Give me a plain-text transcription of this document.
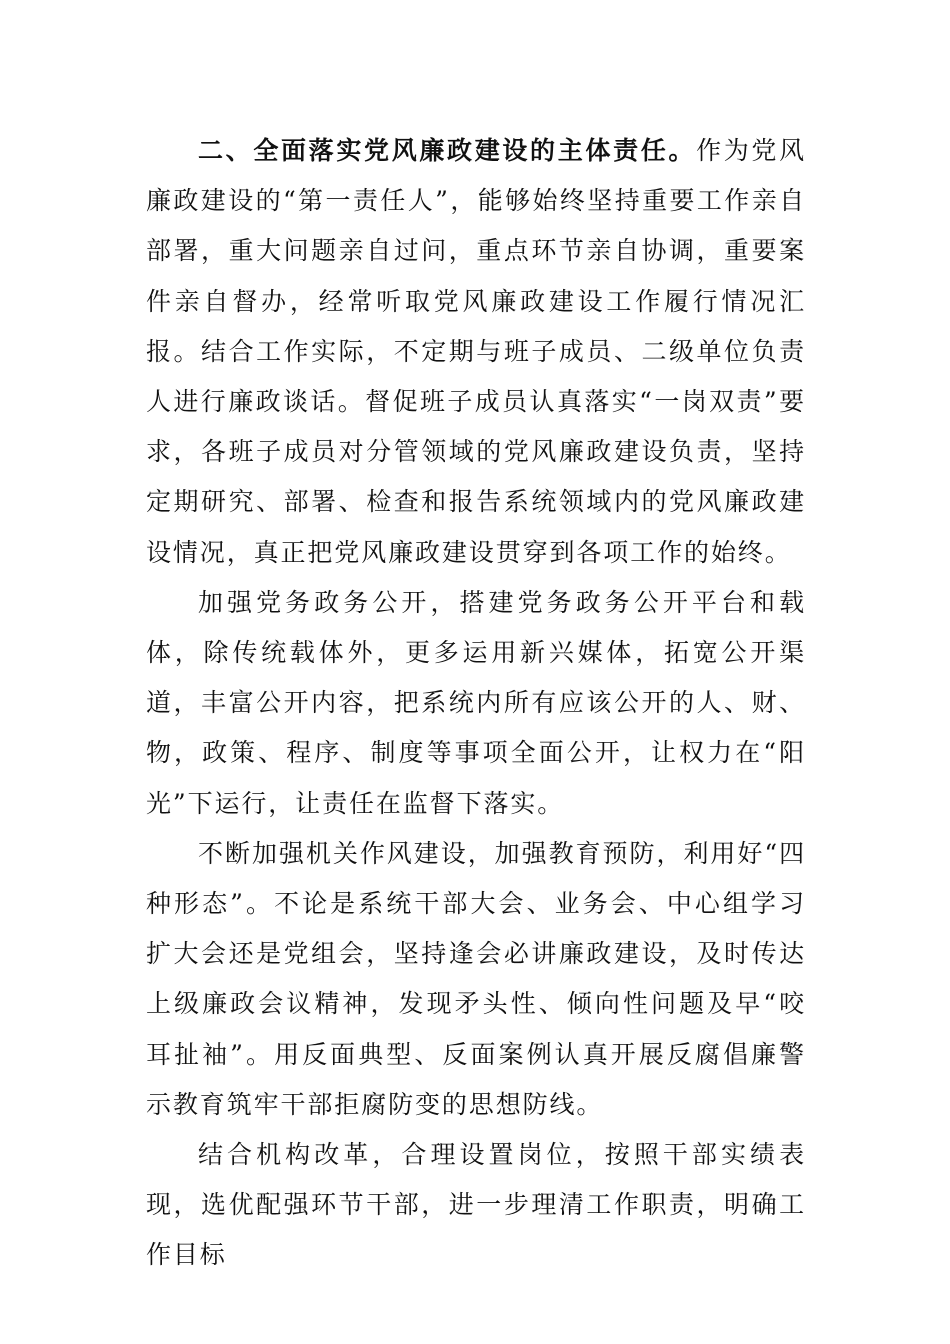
二、全面落实党风廉政建设的主体责任。作为党风廉政建设的“第一责任人”，能够始终坚持重要工作亲自部署，重大问题亲自过问，重点环节亲自协调，重要案件亲自督办，经常听取党风廉政建设工作履行情况汇报。结合工作实际，不定期与班子成员、二级单位负责人进行廉政谈话。督促班子成员认真落实“一岗双责”要求，各班子成员对分管领域的党风廉政建设负责，坚持定期研究、部署、检查和报告系统领域内的党风廉政建设情况，真正把党风廉政建设贯穿到各项工作的始终。

加强党务政务公开，搭建党务政务公开平台和载体，除传统载体外，更多运用新兴媒体，拓宽公开渠道，丰富公开内容，把系统内所有应该公开的人、财、物，政策、程序、制度等事项全面公开，让权力在“阳光”下运行，让责任在监督下落实。

不断加强机关作风建设，加强教育预防，利用好“四种形态”。不论是系统干部大会、业务会、中心组学习扩大会还是党组会，坚持逢会必讲廉政建设，及时传达上级廉政会议精神，发现矛头性、倾向性问题及早“咬耳扯袖”。用反面典型、反面案例认真开展反腐倡廉警示教育筑牢干部拒腐防变的思想防线。

结合机构改革，合理设置岗位，按照干部实绩表现，选优配强环节干部，进一步理清工作职责，明确工作目标
